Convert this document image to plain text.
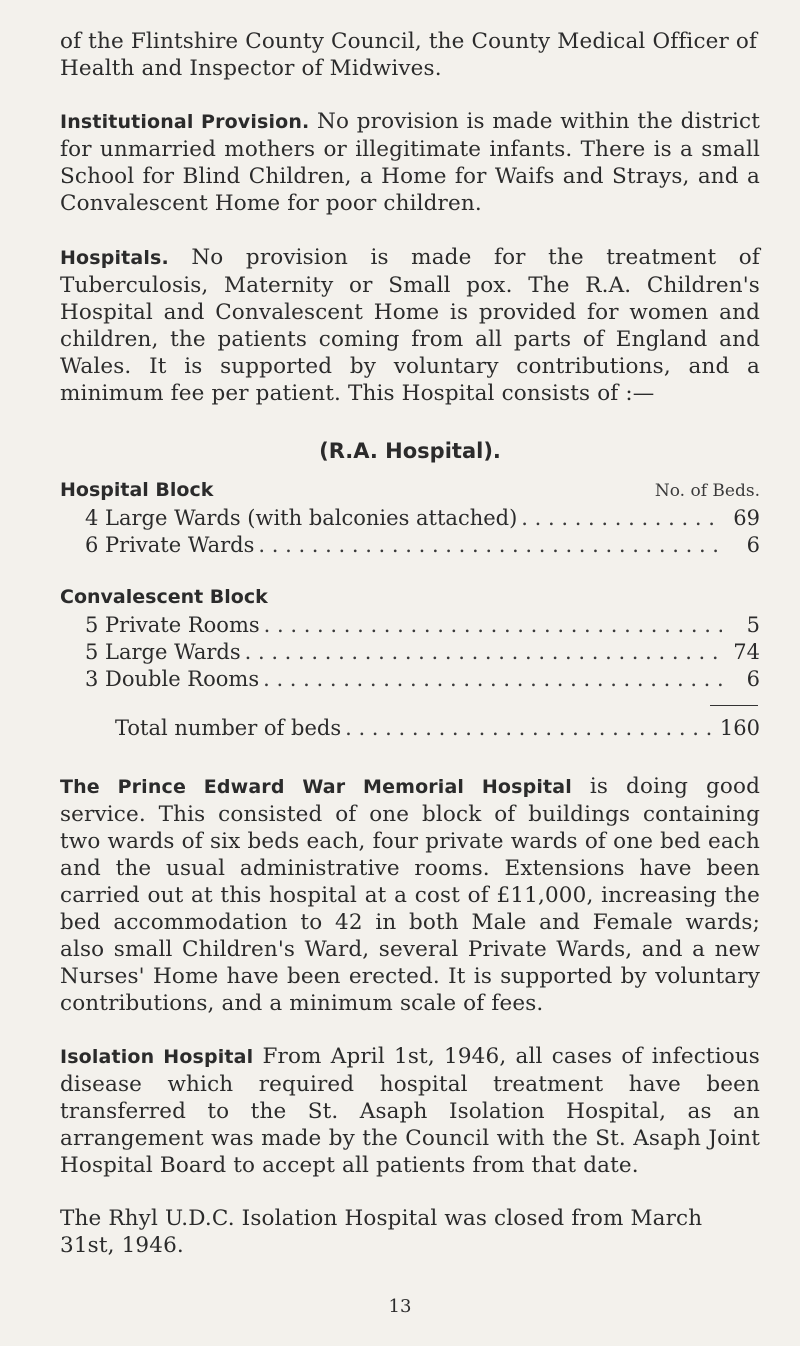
of the Flintshire County Council, the County Medical Officer of Health and Inspector of Midwives.

Institutional Provision. No provision is made within the district for unmarried mothers or illegitimate infants. There is a small School for Blind Children, a Home for Waifs and Strays, and a Convalescent Home for poor children.

Hospitals. No provision is made for the treatment of Tuberculosis, Maternity or Small pox. The R.A. Children's Hospital and Convalescent Home is provided for women and children, the patients coming from all parts of England and Wales. It is supported by voluntary contributions, and a minimum fee per patient. This Hospital consists of :—

(R.A. Hospital).
Hospital Block	No. of Beds.
4 Large Wards (with balconies attached) . . .	69
6 Private Wards . . .	6
Convalescent Block
5 Private Rooms . . .	5
5 Large Wards . . .	74
3 Double Rooms . . .	6
Total number of beds . . .	160

The Prince Edward War Memorial Hospital is doing good service. This consisted of one block of buildings containing two wards of six beds each, four private wards of one bed each and the usual administrative rooms. Extensions have been carried out at this hospital at a cost of £11,000, increasing the bed accommodation to 42 in both Male and Female wards; also small Children's Ward, several Private Wards, and a new Nurses' Home have been erected. It is supported by voluntary contributions, and a minimum scale of fees.

Isolation Hospital From April 1st, 1946, all cases of infectious disease which required hospital treatment have been transferred to the St. Asaph Isolation Hospital, as an arrangement was made by the Council with the St. Asaph Joint Hospital Board to accept all patients from that date.

The Rhyl U.D.C. Isolation Hospital was closed from March 31st, 1946.

13
